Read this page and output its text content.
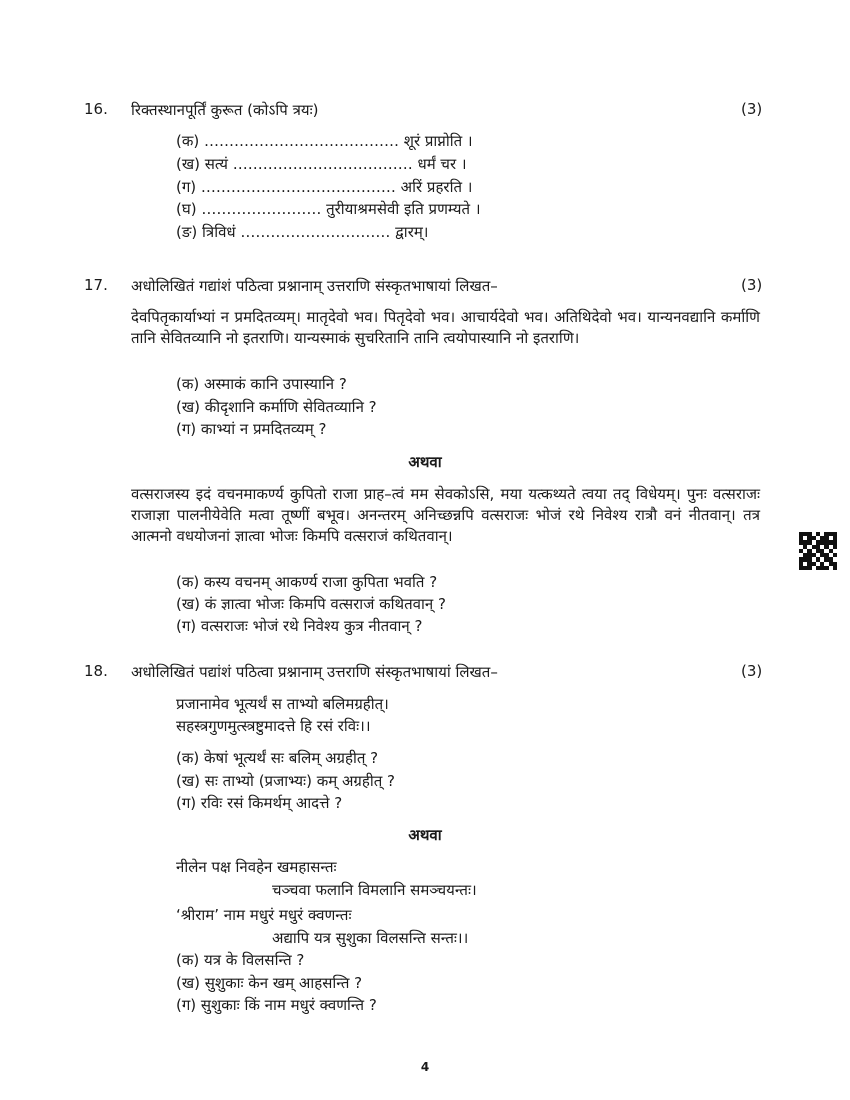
16. रिक्तस्थानपूर्तिं कुरूत (कोऽपि त्रयः)	(3)
(क) ………………………………… शूरं प्राप्नोति ।
(ख) सत्यं ……………………………… धर्मं चर ।
(ग) ………………………………… अरिं प्रहरति ।
(घ) …………………… तुरीयाश्रमसेवी इति प्रणम्यते ।
(ङ) त्रिविधं ………………………… द्वारम्।
17. अधोलिखितं गद्यांशं पठित्वा प्रश्नानाम् उत्तराणि संस्कृतभाषायां लिखत–	(3)
देवपितृकार्याभ्यां न प्रमदितव्यम्। मातृदेवो भव। पितृदेवो भव। आचार्यदेवो भव। अतिथिदेवो भव। यान्यनवद्यानि कर्माणि तानि सेवितव्यानि नो इतराणि। यान्यस्माकं सुचरितानि तानि त्वयोपास्यानि नो इतराणि।
(क) अस्माकं कानि उपास्यानि ?
(ख) कीदृशानि कर्माणि सेवितव्यानि ?
(ग) काभ्यां न प्रमदितव्यम् ?
अथवा
वत्सराजस्य इदं वचनमाकर्ण्य कुपितो राजा प्राह–त्वं मम सेवकोऽसि, मया यत्कथ्यते त्वया तद् विधेयम्। पुनः वत्सराजः राजाज्ञा पालनीयेवेति मत्वा तूष्णीं बभूव। अनन्तरम् अनिच्छन्नपि वत्सराजः भोजं रथे निवेश्य रात्रौ वनं नीतवान्। तत्र आत्मनो वधयोजनां ज्ञात्वा भोजः किमपि वत्सराजं कथितवान्।
(क) कस्य वचनम् आकर्ण्य राजा कुपिता भवति ?
(ख) कं ज्ञात्वा भोजः किमपि वत्सराजं कथितवान् ?
(ग) वत्सराजः भोजं रथे निवेश्य कुत्र नीतवान् ?
18. अधोलिखितं पद्यांशं पठित्वा प्रश्नानाम् उत्तराणि संस्कृतभाषायां लिखत–	(3)
प्रजानामेव भूत्यर्थं स ताभ्यो बलिमग्रहीत्।
सहस्त्रगुणमुत्स्त्रष्टुमादत्ते हि रसं रविः।।
(क) केषां भूत्यर्थं सः बलिम् अग्रहीत् ?
(ख) सः ताभ्यो (प्रजाभ्यः) कम् अग्रहीत् ?
(ग) रविः रसं किमर्थम् आदत्ते ?
अथवा
नीलेन पक्ष निवहेन खमहासन्तः
चञ्चवा फलानि विमलानि समञ्चयन्तः।
‘श्रीराम’ नाम मधुरं मधुरं क्वणन्तः
अद्यापि यत्र सुशुका विलसन्ति सन्तः।।
(क) यत्र के विलसन्ति ?
(ख) सुशुकाः केन खम् आहसन्ति ?
(ग) सुशुकाः किं नाम मधुरं क्वणन्ति ?
4
